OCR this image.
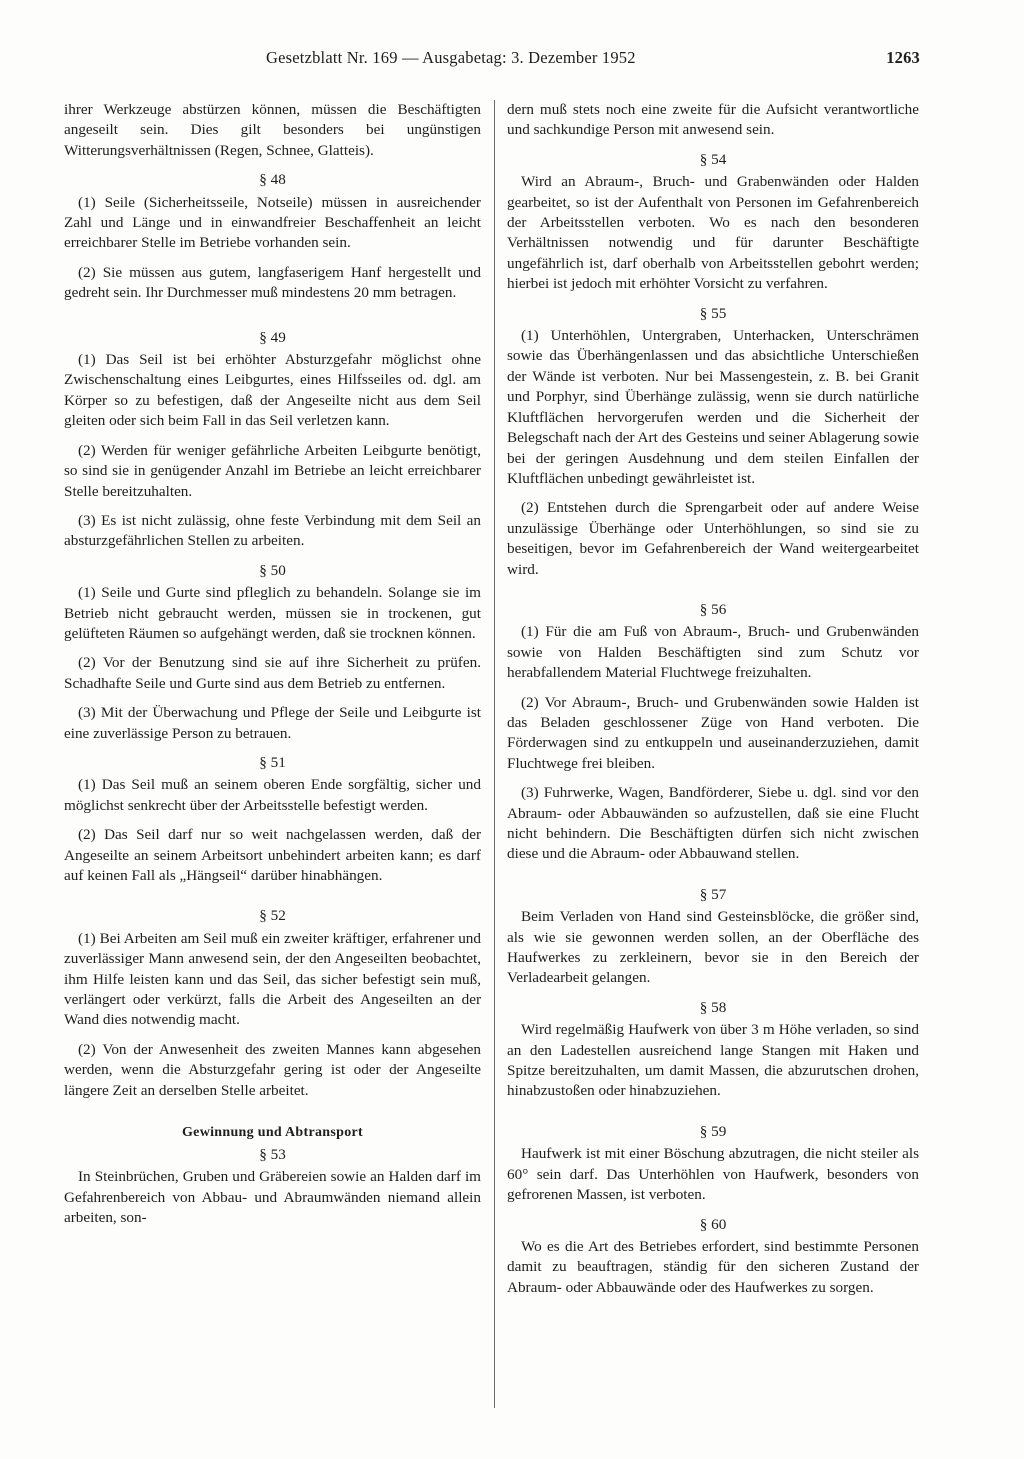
Gesetzblatt Nr. 169 — Ausgabetag: 3. Dezember 1952	1263

ihrer Werkzeuge abstürzen können, müssen die Beschäftigten angeseilt sein. Dies gilt besonders bei ungünstigen Witterungsverhältnissen (Regen, Schnee, Glatteis).

§ 48

(1) Seile (Sicherheitsseile, Notseile) müssen in ausreichender Zahl und Länge und in einwandfreier Beschaffenheit an leicht erreichbarer Stelle im Betriebe vorhanden sein.

(2) Sie müssen aus gutem, langfaserigem Hanf hergestellt und gedreht sein. Ihr Durchmesser muß mindestens 20 mm betragen.

§ 49

(1) Das Seil ist bei erhöhter Absturzgefahr möglichst ohne Zwischenschaltung eines Leibgurtes, eines Hilfsseiles od. dgl. am Körper so zu befestigen, daß der Angeseilte nicht aus dem Seil gleiten oder sich beim Fall in das Seil verletzen kann.

(2) Werden für weniger gefährliche Arbeiten Leibgurte benötigt, so sind sie in genügender Anzahl im Betriebe an leicht erreichbarer Stelle bereitzuhalten.

(3) Es ist nicht zulässig, ohne feste Verbindung mit dem Seil an absturzgefährlichen Stellen zu arbeiten.

§ 50

(1) Seile und Gurte sind pfleglich zu behandeln. Solange sie im Betrieb nicht gebraucht werden, müssen sie in trockenen, gut gelüfteten Räumen so aufgehängt werden, daß sie trocknen können.

(2) Vor der Benutzung sind sie auf ihre Sicherheit zu prüfen. Schadhafte Seile und Gurte sind aus dem Betrieb zu entfernen.

(3) Mit der Überwachung und Pflege der Seile und Leibgurte ist eine zuverlässige Person zu betrauen.

§ 51

(1) Das Seil muß an seinem oberen Ende sorgfältig, sicher und möglichst senkrecht über der Arbeitsstelle befestigt werden.

(2) Das Seil darf nur so weit nachgelassen werden, daß der Angeseilte an seinem Arbeitsort unbehindert arbeiten kann; es darf auf keinen Fall als „Hängseil“ darüber hinabhängen.

§ 52

(1) Bei Arbeiten am Seil muß ein zweiter kräftiger, erfahrener und zuverlässiger Mann anwesend sein, der den Angeseilten beobachtet, ihm Hilfe leisten kann und das Seil, das sicher befestigt sein muß, verlängert oder verkürzt, falls die Arbeit des Angeseilten an der Wand dies notwendig macht.

(2) Von der Anwesenheit des zweiten Mannes kann abgesehen werden, wenn die Absturzgefahr gering ist oder der Angeseilte längere Zeit an derselben Stelle arbeitet.

Gewinnung und Abtransport
§ 53

In Steinbrüchen, Gruben und Gräbereien sowie an Halden darf im Gefahrenbereich von Abbau- und Abraumwänden niemand allein arbeiten, son-

dern muß stets noch eine zweite für die Aufsicht verantwortliche und sachkundige Person mit anwesend sein.

§ 54

Wird an Abraum-, Bruch- und Grabenwänden oder Halden gearbeitet, so ist der Aufenthalt von Personen im Gefahrenbereich der Arbeitsstellen verboten. Wo es nach den besonderen Verhältnissen notwendig und für darunter Beschäftigte ungefährlich ist, darf oberhalb von Arbeitsstellen gebohrt werden; hierbei ist jedoch mit erhöhter Vorsicht zu verfahren.

§ 55

(1) Unterhöhlen, Untergraben, Unterhacken, Unterschrämen sowie das Überhängenlassen und das absichtliche Unterschießen der Wände ist verboten. Nur bei Massengestein, z. B. bei Granit und Porphyr, sind Überhänge zulässig, wenn sie durch natürliche Kluftflächen hervorgerufen werden und die Sicherheit der Belegschaft nach der Art des Gesteins und seiner Ablagerung sowie bei der geringen Ausdehnung und dem steilen Einfallen der Kluftflächen unbedingt gewährleistet ist.

(2) Entstehen durch die Sprengarbeit oder auf andere Weise unzulässige Überhänge oder Unterhöhlungen, so sind sie zu beseitigen, bevor im Gefahrenbereich der Wand weitergearbeitet wird.

§ 56

(1) Für die am Fuß von Abraum-, Bruch- und Grubenwänden sowie von Halden Beschäftigten sind zum Schutz vor herabfallendem Material Fluchtwege freizuhalten.

(2) Vor Abraum-, Bruch- und Grubenwänden sowie Halden ist das Beladen geschlossener Züge von Hand verboten. Die Förderwagen sind zu entkuppeln und auseinanderzuziehen, damit Fluchtwege frei bleiben.

(3) Fuhrwerke, Wagen, Bandförderer, Siebe u. dgl. sind vor den Abraum- oder Abbauwänden so aufzustellen, daß sie eine Flucht nicht behindern. Die Beschäftigten dürfen sich nicht zwischen diese und die Abraum- oder Abbauwand stellen.

§ 57

Beim Verladen von Hand sind Gesteinsblöcke, die größer sind, als wie sie gewonnen werden sollen, an der Oberfläche des Haufwerkes zu zerkleinern, bevor sie in den Bereich der Verladearbeit gelangen.

§ 58

Wird regelmäßig Haufwerk von über 3 m Höhe verladen, so sind an den Ladestellen ausreichend lange Stangen mit Haken und Spitze bereitzuhalten, um damit Massen, die abzurutschen drohen, hinabzustoßen oder hinabzuziehen.

§ 59

Haufwerk ist mit einer Böschung abzutragen, die nicht steiler als 60° sein darf. Das Unterhöhlen von Haufwerk, besonders von gefrorenen Massen, ist verboten.

§ 60

Wo es die Art des Betriebes erfordert, sind bestimmte Personen damit zu beauftragen, ständig für den sicheren Zustand der Abraum- oder Abbauwände oder des Haufwerkes zu sorgen.
